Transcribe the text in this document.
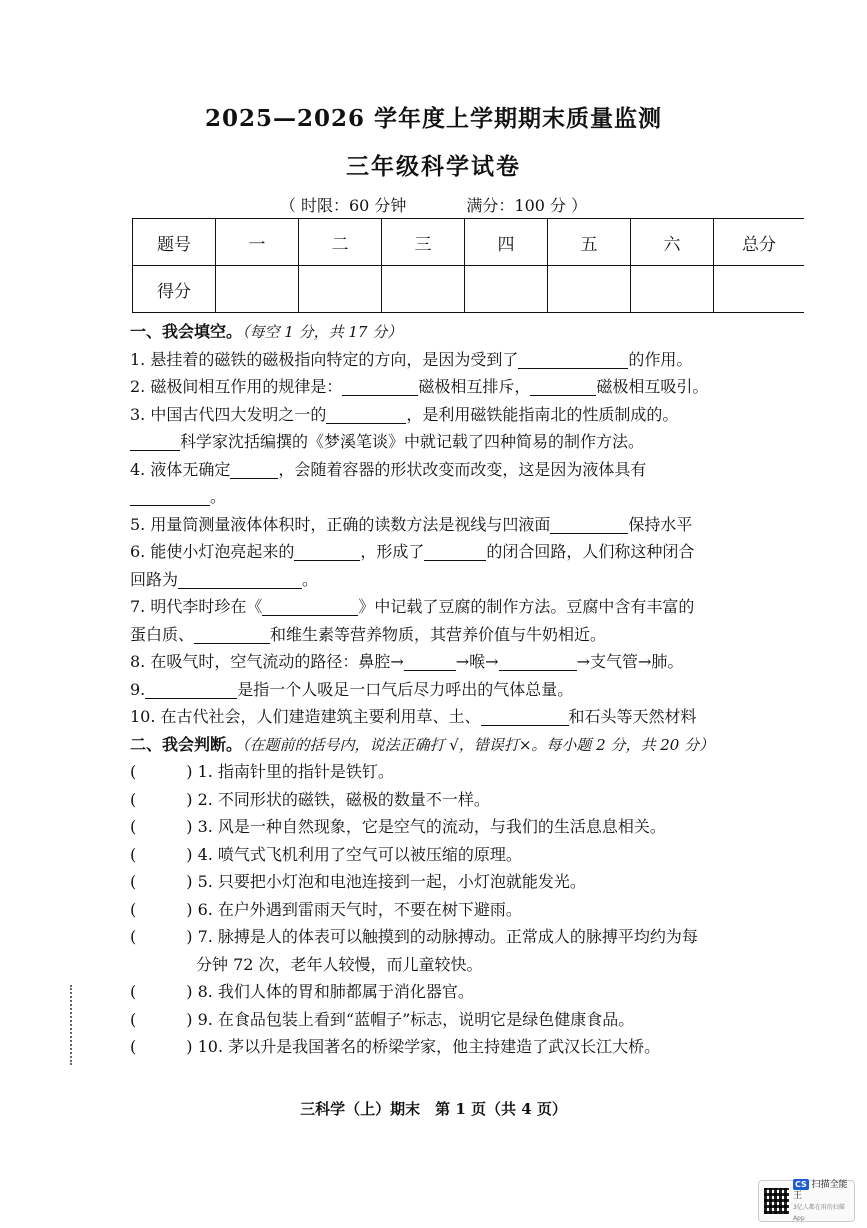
2025—2026 学年度上学期期末质量监测
三年级科学试卷
（ 时限：60 分钟	满分：100 分 ）
题号	一	二	三	四	五	六	总分
得分							
一、我会填空。（每空 1 分，共 17 分）
1. 悬挂着的磁铁的磁极指向特定的方向，是因为受到了	的作用。
2. 磁极间相互作用的规律是：	磁极相互排斥，	磁极相互吸引。
3. 中国古代四大发明之一的	，是利用磁铁能指南北的性质制成的。
科学家沈括编撰的《梦溪笔谈》中就记载了四种简易的制作方法。
4. 液体无确定	，会随着容器的形状改变而改变，这是因为液体具有
。
5. 用量筒测量液体体积时，正确的读数方法是视线与凹液面	保持水平
6. 能使小灯泡亮起来的	，形成了	的闭合回路，人们称这种闭合
回路为	。
7. 明代李时珍在《	》中记载了豆腐的制作方法。豆腐中含有丰富的
蛋白质、	和维生素等营养物质，其营养价值与牛奶相近。
8. 在吸气时，空气流动的路径：鼻腔→	→喉→	→支气管→肺。
9.	是指一个人吸足一口气后尽力呼出的气体总量。
10. 在古代社会，人们建造建筑主要利用草、土、	和石头等天然材料
二、我会判断。（在题前的括号内，说法正确打 √，错误打×。每小题 2 分，共 20 分）
(	) 1. 指南针里的指针是铁钉。
(	) 2. 不同形状的磁铁，磁极的数量不一样。
(	) 3. 风是一种自然现象，它是空气的流动，与我们的生活息息相关。
(	) 4. 喷气式飞机利用了空气可以被压缩的原理。
(	) 5. 只要把小灯泡和电池连接到一起，小灯泡就能发光。
(	) 6. 在户外遇到雷雨天气时，不要在树下避雨。
(	) 7. 脉搏是人的体表可以触摸到的动脉搏动。正常成人的脉搏平均约为每
分钟 72 次，老年人较慢，而儿童较快。
(	) 8. 我们人体的胃和肺都属于消化器官。
(	) 9. 在食品包装上看到“蓝帽子”标志，说明它是绿色健康食品。
(	) 10. 茅以升是我国著名的桥梁学家，他主持建造了武汉长江大桥。
三科学（上）期末　第 1 页（共 4 页）
CS 扫描全能王
3亿人都在用的扫描App
